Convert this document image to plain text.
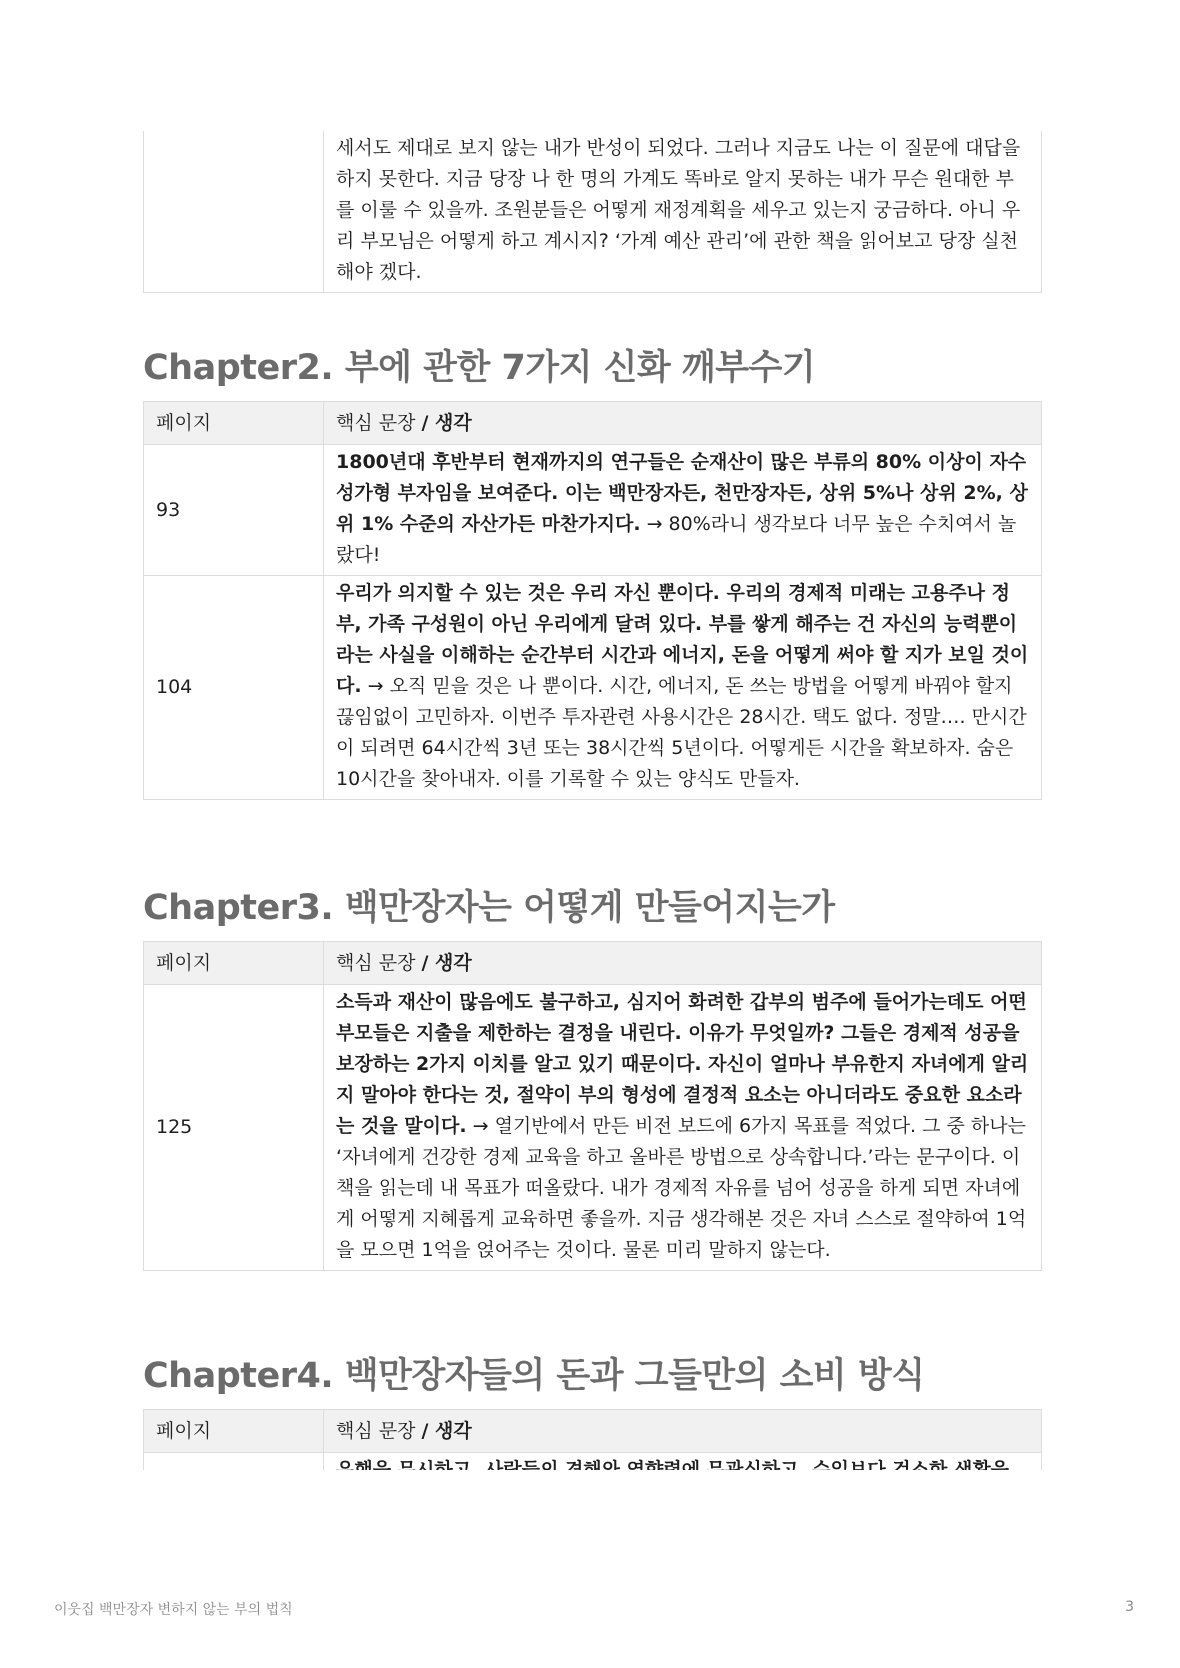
	세서도 제대로 보지 않는 내가 반성이 되었다. 그러나 지금도 나는 이 질문에 대답을 하지 못한다. 지금 당장 나 한 명의 가계도 똑바로 알지 못하는 내가 무슨 원대한 부를 이룰 수 있을까. 조원분들은 어떻게 재정계획을 세우고 있는지 궁금하다. 아니 우리 부모님은 어떻게 하고 계시지? ‘가계 예산 관리’에 관한 책을 읽어보고 당장 실천해야 겠다.
Chapter2. 부에 관한 7가지 신화 깨부수기
페이지	핵심 문장 / 생각
93	1800년대 후반부터 현재까지의 연구들은 순재산이 많은 부류의 80% 이상이 자수성가형 부자임을 보여준다. 이는 백만장자든, 천만장자든, 상위 5%나 상위 2%, 상위 1% 수준의 자산가든 마찬가지다. → 80%라니 생각보다 너무 높은 수치여서 놀랐다!
104	우리가 의지할 수 있는 것은 우리 자신 뿐이다. 우리의 경제적 미래는 고용주나 정부, 가족 구성원이 아닌 우리에게 달려 있다. 부를 쌓게 해주는 건 자신의 능력뿐이라는 사실을 이해하는 순간부터 시간과 에너지, 돈을 어떻게 써야 할 지가 보일 것이다. → 오직 믿을 것은 나 뿐이다. 시간, 에너지, 돈 쓰는 방법을 어떻게 바꿔야 할지 끊임없이 고민하자. 이번주 투자관련 사용시간은 28시간. 택도 없다. 정말…. 만시간이 되려면 64시간씩 3년 또는 38시간씩 5년이다. 어떻게든 시간을 확보하자. 숨은 10시간을 찾아내자. 이를 기록할 수 있는 양식도 만들자.
Chapter3. 백만장자는 어떻게 만들어지는가
페이지	핵심 문장 / 생각
125	소득과 재산이 많음에도 불구하고, 심지어 화려한 갑부의 범주에 들어가는데도 어떤 부모들은 지출을 제한하는 결정을 내린다. 이유가 무엇일까? 그들은 경제적 성공을 보장하는 2가지 이치를 알고 있기 때문이다. 자신이 얼마나 부유한지 자녀에게 알리지 말아야 한다는 것, 절약이 부의 형성에 결정적 요소는 아니더라도 중요한 요소라는 것을 말이다. → 열기반에서 만든 비전 보드에 6가지 목표를 적었다. 그 중 하나는 ‘자녀에게 건강한 경제 교육을 하고 올바른 방법으로 상속합니다.’라는 문구이다. 이 책을 읽는데 내 목표가 떠올랐다. 내가 경제적 자유를 넘어 성공을 하게 되면 자녀에게 어떻게 지혜롭게 교육하면 좋을까. 지금 생각해본 것은 자녀 스스로 절약하여 1억을 모으면 1억을 얹어주는 것이다. 물론 미리 말하지 않는다.
Chapter4. 백만장자들의 돈과 그들만의 소비 방식
페이지	핵심 문장 / 생각

이웃집 백만장자 변하지 않는 부의 법칙	3
